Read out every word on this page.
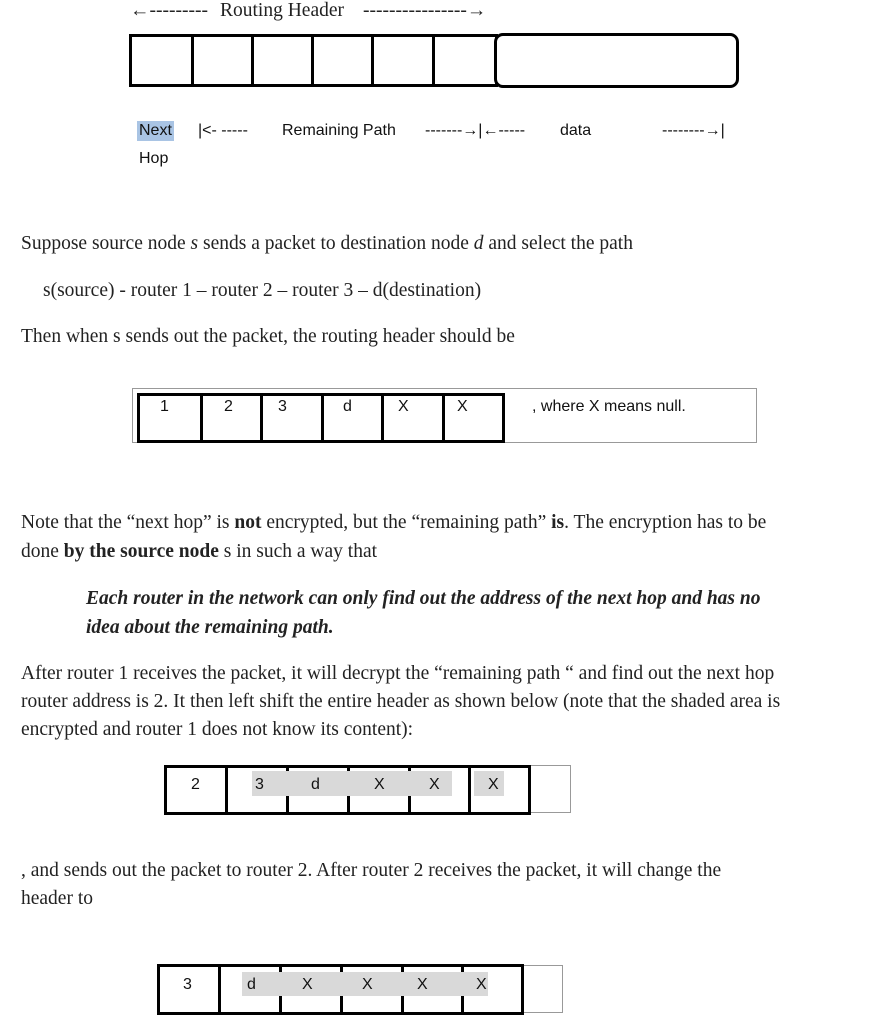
←--------- Routing Header ----------------→
Next
Hop
|<- ----- Remaining Path -------→|←----- data	--------→|
Suppose source node s sends a packet to destination node d and select the path
s(source) - router 1 – router 2 – router 3 – d(destination)
Then when s sends out the packet, the routing header should be
1	2	3	d	X	X	, where X means null.
Note that the “next hop” is not encrypted, but the “remaining path” is. The encryption has to be
done by the source node s in such a way that
Each router in the network can only find out the address of the next hop and has no
idea about the remaining path.
After router 1 receives the packet, it will decrypt the “remaining path “ and find out the next hop
router address is 2. It then left shift the entire header as shown below (note that the shaded area is
encrypted and router 1 does not know its content):
2	3	d	X	X	X
, and sends out the packet to router 2. After router 2 receives the packet, it will change the
header to
3	d	X	X	X	X
